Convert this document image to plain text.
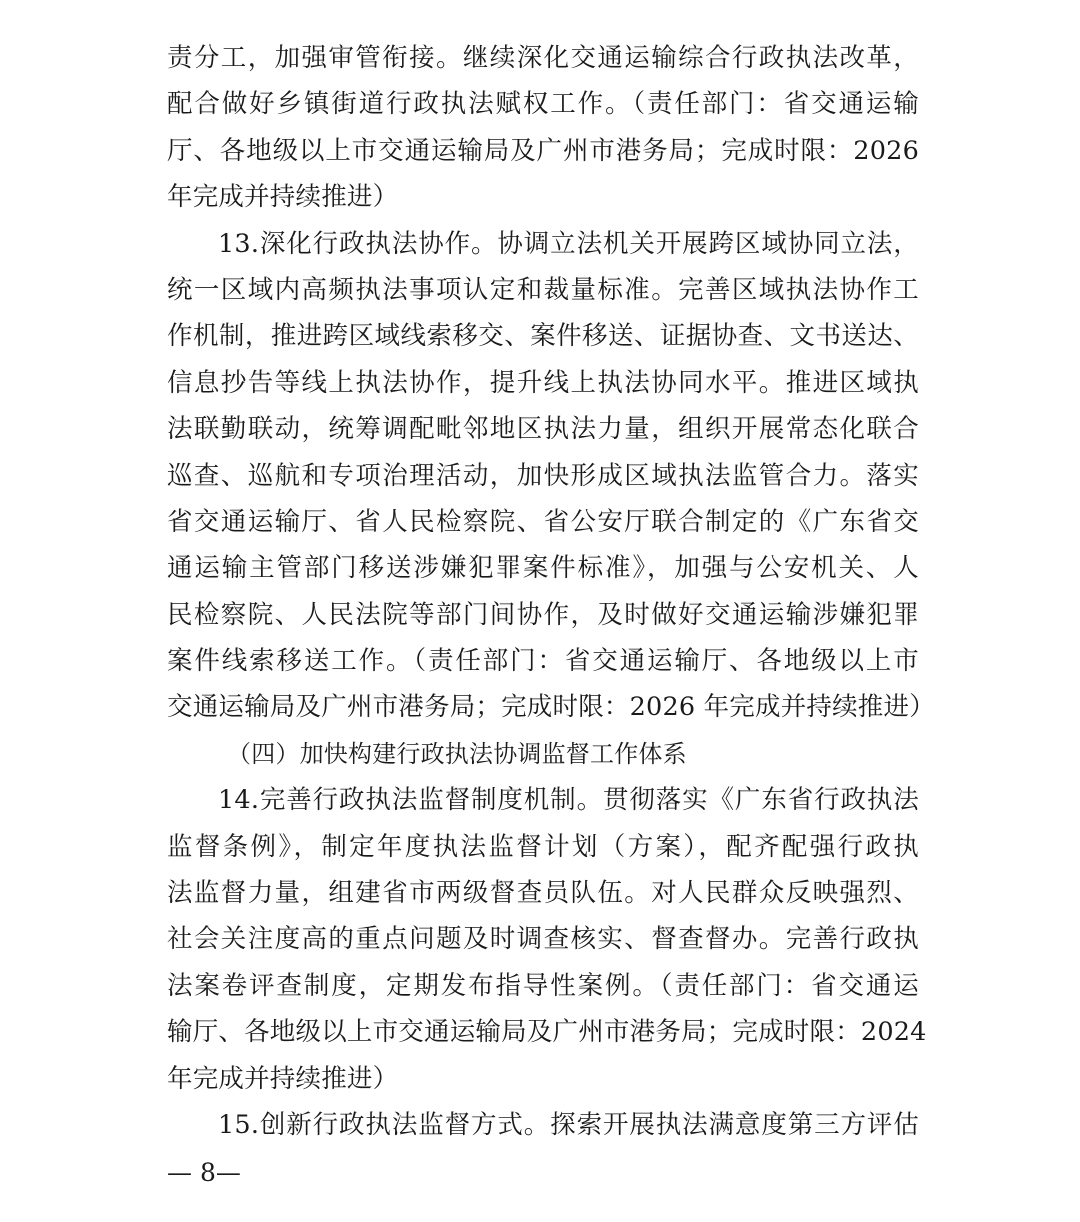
责分工，加强审管衔接。继续深化交通运输综合行政执法改革，
配合做好乡镇街道行政执法赋权工作。（责任部门：省交通运输
厅、各地级以上市交通运输局及广州市港务局；完成时限：2026
年完成并持续推进）
13.深化行政执法协作。协调立法机关开展跨区域协同立法，
统一区域内高频执法事项认定和裁量标准。完善区域执法协作工
作机制，推进跨区域线索移交、案件移送、证据协查、文书送达、
信息抄告等线上执法协作，提升线上执法协同水平。推进区域执
法联勤联动，统筹调配毗邻地区执法力量，组织开展常态化联合
巡查、巡航和专项治理活动，加快形成区域执法监管合力。落实
省交通运输厅、省人民检察院、省公安厅联合制定的《广东省交
通运输主管部门移送涉嫌犯罪案件标准》，加强与公安机关、人
民检察院、人民法院等部门间协作，及时做好交通运输涉嫌犯罪
案件线索移送工作。（责任部门：省交通运输厅、各地级以上市
交通运输局及广州市港务局；完成时限：2026 年完成并持续推进）
（四）加快构建行政执法协调监督工作体系
14.完善行政执法监督制度机制。贯彻落实《广东省行政执法
监督条例》，制定年度执法监督计划（方案），配齐配强行政执
法监督力量，组建省市两级督查员队伍。对人民群众反映强烈、
社会关注度高的重点问题及时调查核实、督查督办。完善行政执
法案卷评查制度，定期发布指导性案例。（责任部门：省交通运
输厅、各地级以上市交通运输局及广州市港务局；完成时限：2024
年完成并持续推进）
15.创新行政执法监督方式。探索开展执法满意度第三方评估
— 8—
